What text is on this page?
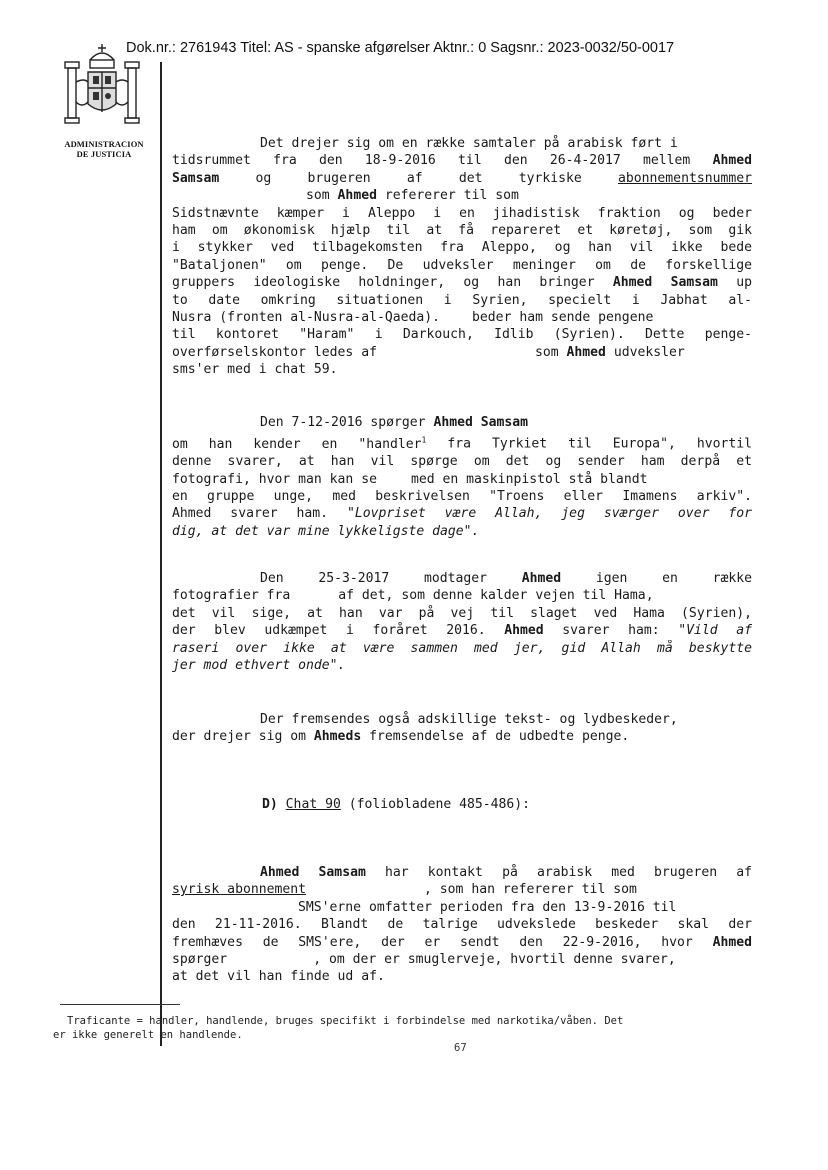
Dok.nr.: 2761943 Titel: AS - spanske afgørelser Aktnr.: 0 Sagsnr.: 2023-0032/50-0017
ADMINISTRACION
DE JUSTICIA
Det drejer sig om en række samtaler på arabisk ført i
tidsrummet fra den 18-9-2016 til den 26-4-2017 mellem Ahmed
Samsam	og	brugeren	af	det	tyrkiske	abonnementsnummer
som Ahmed refererer til som
Sidstnævnte kæmper i Aleppo i en jihadistisk fraktion og beder
ham om økonomisk hjælp til at få repareret et køretøj, som gik
i stykker ved tilbagekomsten fra Aleppo, og han vil ikke bede
"Bataljonen" om penge. De udveksler meninger om de forskellige
gruppers ideologiske holdninger, og han bringer Ahmed Samsam up
to date omkring situationen i Syrien, specielt i Jabhat al-
Nusra (fronten al-Nusra-al-Qaeda). beder ham sende pengene
til kontoret "Haram" i Darkouch, Idlib (Syrien). Dette penge-
overførselskontor ledes af	som Ahmed udveksler
sms'er med i chat 59.
Den 7-12-2016 spørger Ahmed Samsam
om han kender en "handler$^1$ fra Tyrkiet til Europa", hvortil
denne svarer, at han vil spørge om det og sender ham derpå et
fotografi, hvor man kan se	med en maskinpistol stå blandt
en gruppe unge, med beskrivelsen "Troens eller Imamens arkiv".
Ahmed svarer ham. "Lovpriset være Allah, jeg sværger over for
dig, at det var mine lykkeligste dage".
Den	25-3-2017	modtager	Ahmed	igen	en	række
fotografier fra	af det, som denne kalder vejen til Hama,
det vil sige, at han var på vej til slaget ved Hama (Syrien),
der blev udkæmpet i foråret 2016. Ahmed svarer ham: "Vild af
raseri over ikke at være sammen med jer, gid Allah må beskytte
jer mod ethvert onde".
Der fremsendes også adskillige tekst- og lydbeskeder,
der drejer sig om Ahmeds fremsendelse af de udbedte penge.
D) Chat 90 (foliobladene 485-486):
Ahmed Samsam har kontakt på arabisk med brugeren af
syrisk abonnement	, som han refererer til som
SMS'erne omfatter perioden fra den 13-9-2016 til
den 21-11-2016. Blandt de talrige udvekslede beskeder skal der
fremhæves de SMS'ere, der er sendt den 22-9-2016, hvor Ahmed
spørger	, om der er smuglerveje, hvortil denne svarer,
at det vil han finde ud af.
Traficante = handler, handlende, bruges specifikt i forbindelse med narkotika/våben. Det
er ikke generelt en handlende.
67
